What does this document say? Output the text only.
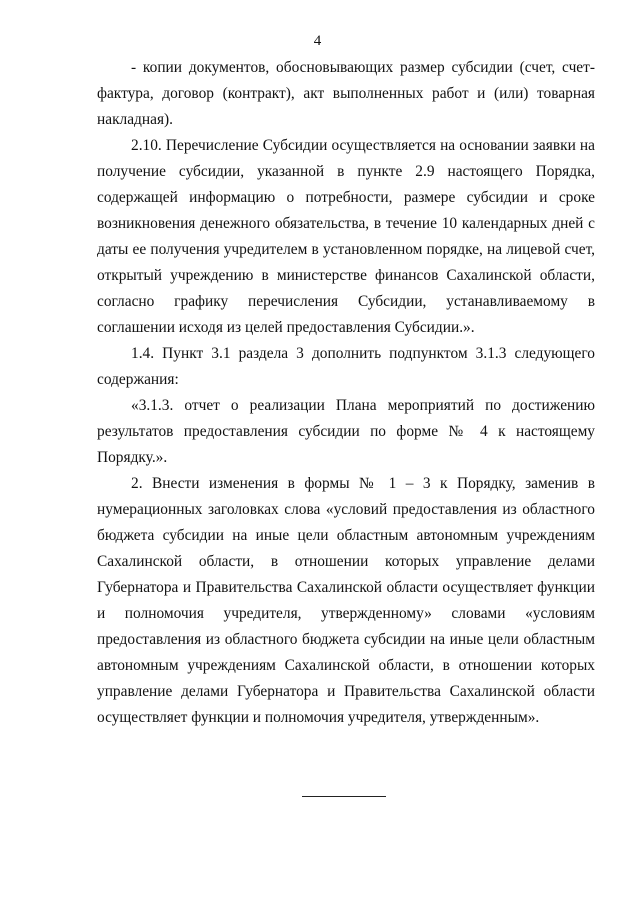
4

- копии документов, обосновывающих размер субсидии (счет, счет-фактура, договор (контракт), акт выполненных работ и (или) товарная накладная).

2.10. Перечисление Субсидии осуществляется на основании заявки на получение субсидии, указанной в пункте 2.9 настоящего Порядка, содержащей информацию о потребности, размере субсидии и сроке возникновения денежного обязательства, в течение 10 календарных дней с даты ее получения учредителем в установленном порядке, на лицевой счет, открытый учреждению в министерстве финансов Сахалинской области, согласно графику перечисления Субсидии, устанавливаемому в соглашении исходя из целей предоставления Субсидии.».

1.4. Пункт 3.1 раздела 3 дополнить подпунктом 3.1.3 следующего содержания:

«3.1.3. отчет о реализации Плана мероприятий по достижению результатов предоставления субсидии по форме № 4 к настоящему Порядку.».

2. Внести изменения в формы № 1 – 3 к Порядку, заменив в нумерационных заголовках слова «условий предоставления из областного бюджета субсидии на иные цели областным автономным учреждениям Сахалинской области, в отношении которых управление делами Губернатора и Правительства Сахалинской области осуществляет функции и полномочия учредителя, утвержденному» словами «условиям предоставления из областного бюджета субсидии на иные цели областным автономным учреждениям Сахалинской области, в отношении которых управление делами Губернатора и Правительства Сахалинской области осуществляет функции и полномочия учредителя, утвержденным».
